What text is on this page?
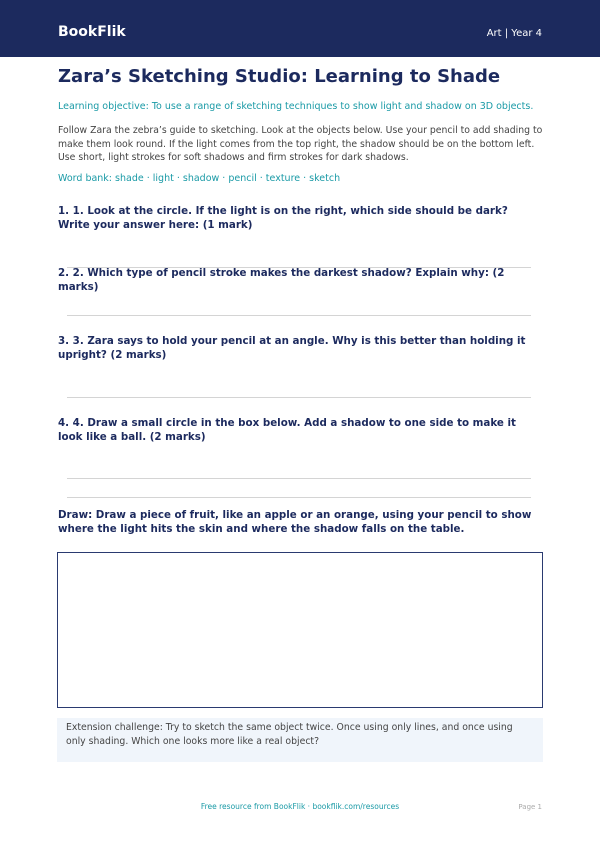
BookFlik	Art | Year 4
Zara’s Sketching Studio: Learning to Shade
Learning objective: To use a range of sketching techniques to show light and shadow on 3D objects.
Follow Zara the zebra’s guide to sketching. Look at the objects below. Use your pencil to add shading to make them look round. If the light comes from the top right, the shadow should be on the bottom left. Use short, light strokes for soft shadows and firm strokes for dark shadows.
Word bank: shade · light · shadow · pencil · texture · sketch
1. 1. Look at the circle. If the light is on the right, which side should be dark? Write your answer here: (1 mark)
2. 2. Which type of pencil stroke makes the darkest shadow? Explain why: (2 marks)
3. 3. Zara says to hold your pencil at an angle. Why is this better than holding it upright? (2 marks)
4. 4. Draw a small circle in the box below. Add a shadow to one side to make it look like a ball. (2 marks)
Draw: Draw a piece of fruit, like an apple or an orange, using your pencil to show where the light hits the skin and where the shadow falls on the table.
Extension challenge: Try to sketch the same object twice. Once using only lines, and once using only shading. Which one looks more like a real object?
Free resource from BookFlik · bookflik.com/resources	Page 1
